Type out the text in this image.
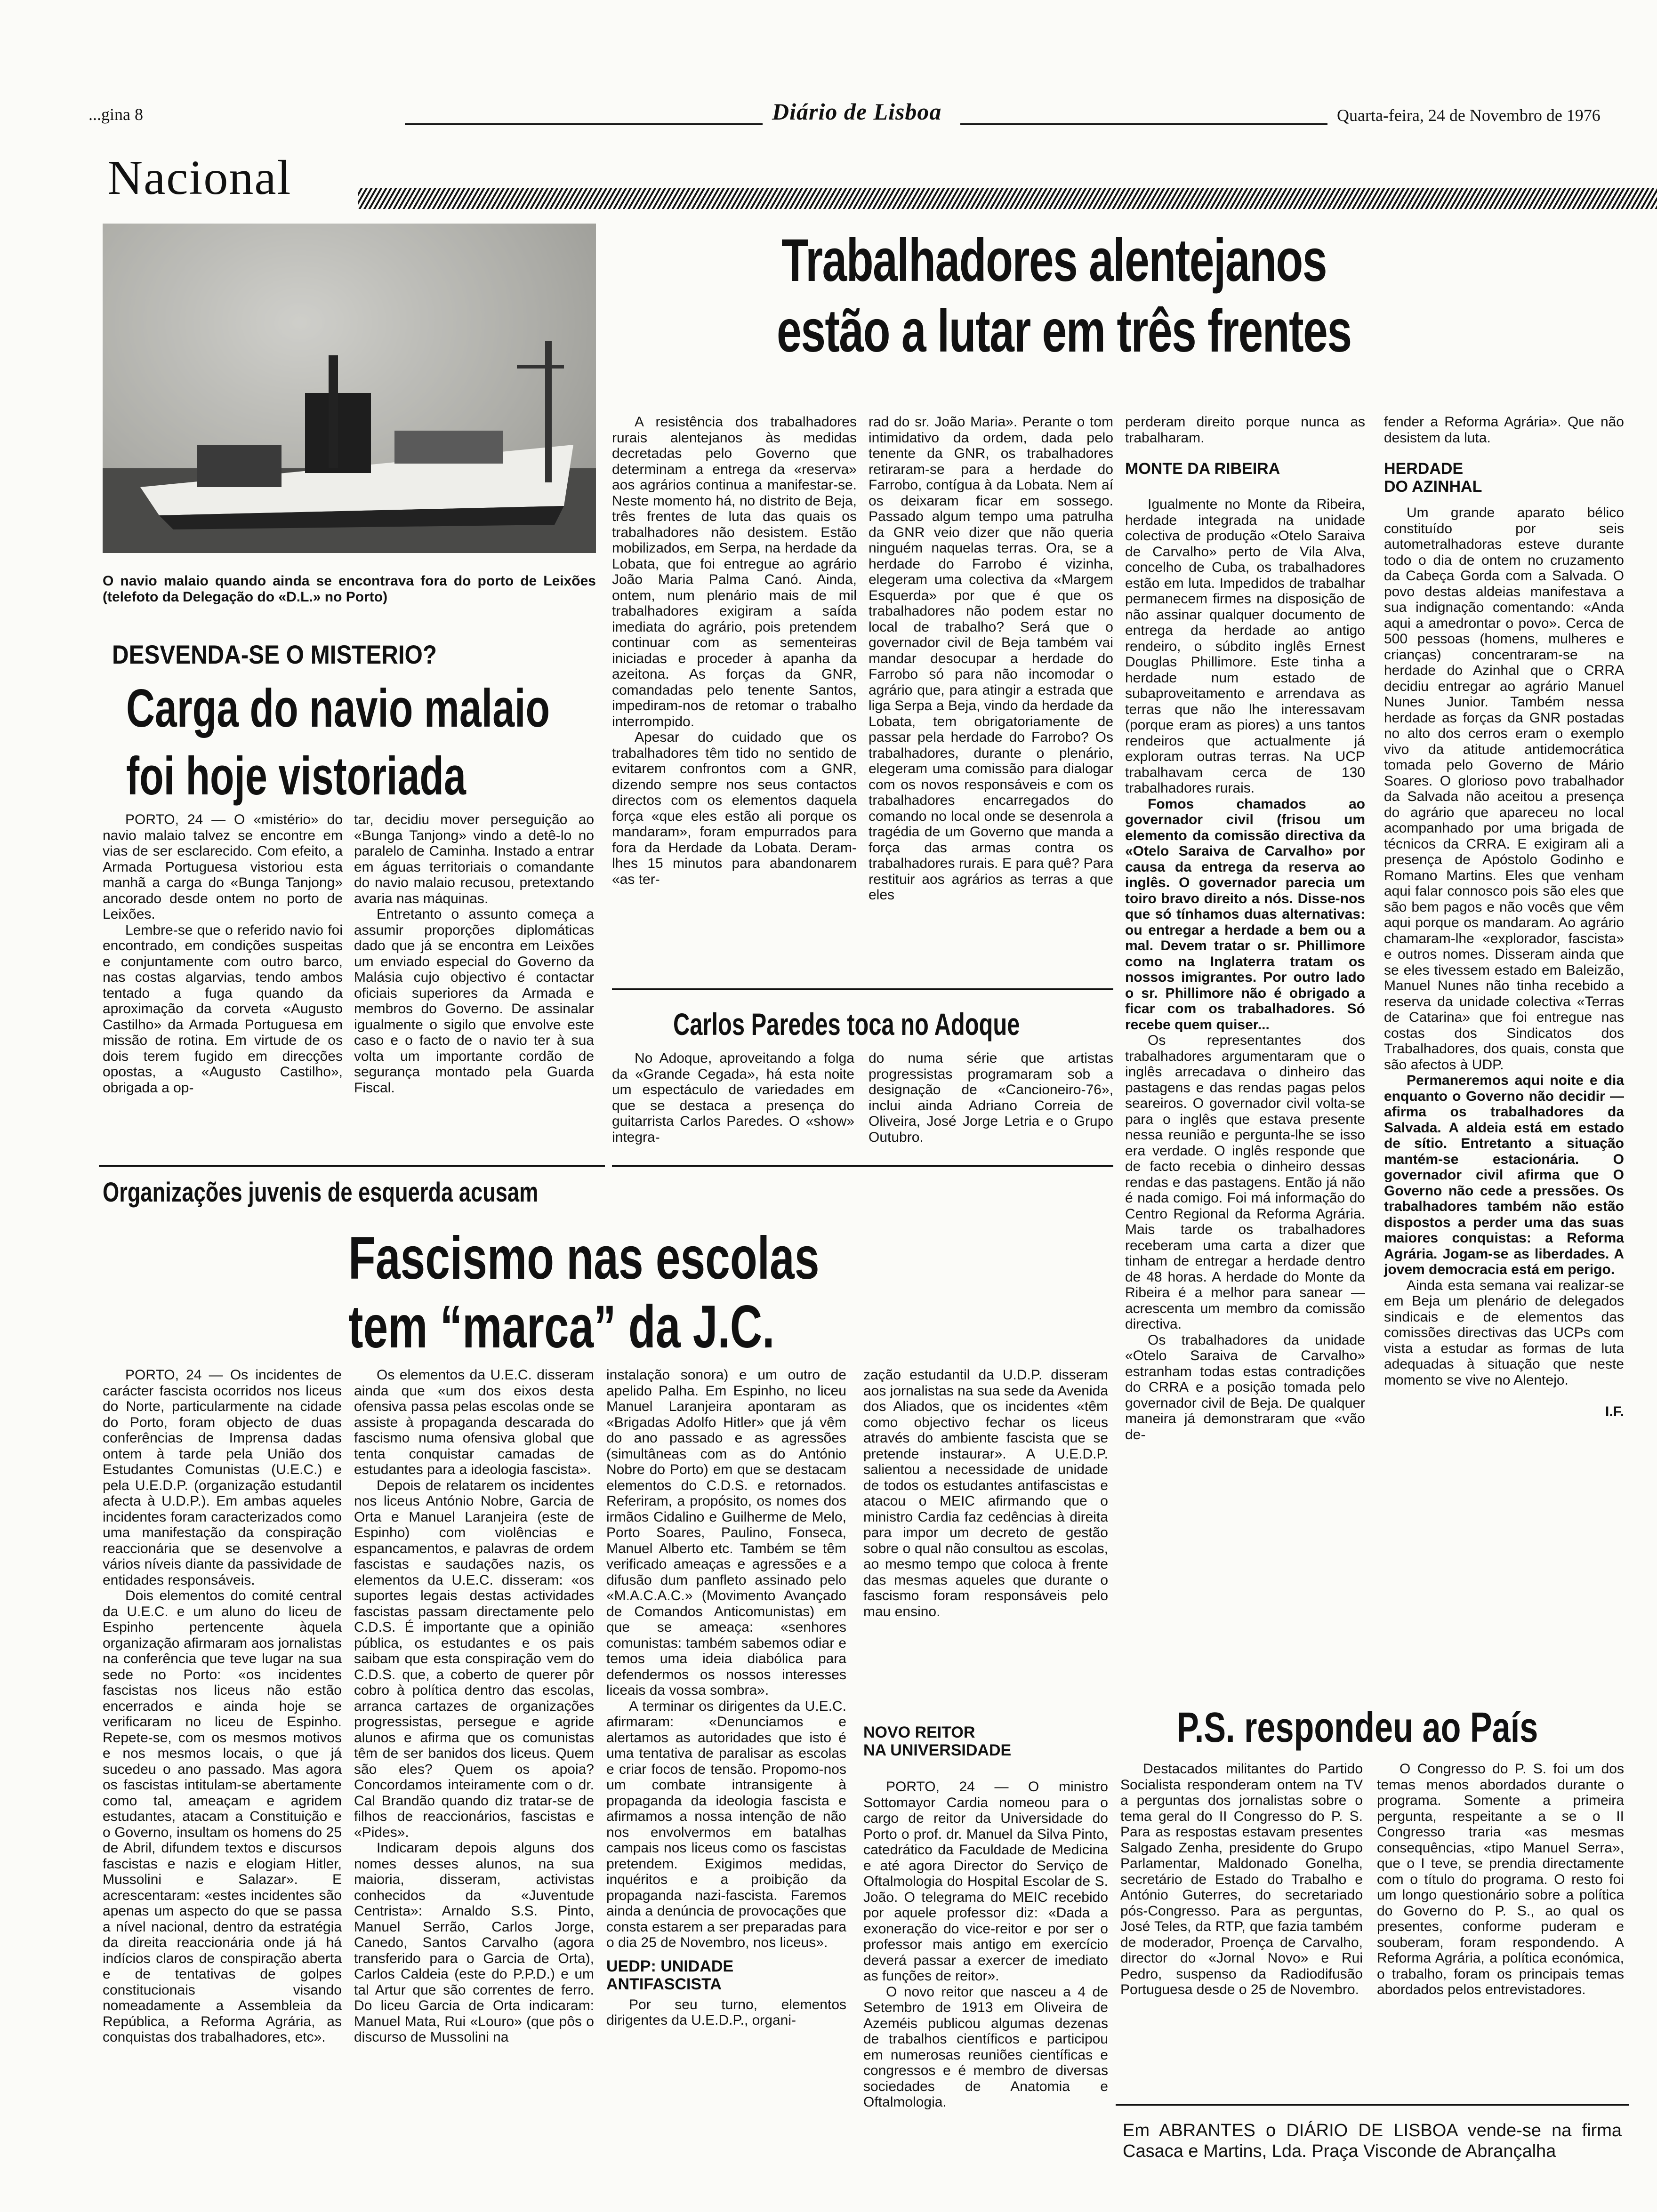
...gina 8	Diário de Lisboa	Quarta-feira, 24 de Novembro de 1976
Nacional
O navio malaio quando ainda se encontrava fora do porto de Leixões (telefoto da Delegação do «D.L.» no Porto)
Trabalhadores alentejanos
estão a lutar em três frentes

A resistência dos trabalhadores rurais alentejanos às medidas decretadas pelo Governo que determinam a entrega da «reserva» aos agrários continua a manifestar-se. Neste momento há, no distrito de Beja, três frentes de luta das quais os trabalhadores não desistem. Estão mobilizados, em Serpa, na herdade da Lobata, que foi entregue ao agrário João Maria Palma Canó. Ainda, ontem, num plenário mais de mil trabalhadores exigiram a saída imediata do agrário, pois pretendem continuar com as sementeiras iniciadas e proceder à apanha da azeitona. As forças da GNR, comandadas pelo tenente Santos, impediram-nos de retomar o trabalho interrompido.

Apesar do cuidado que os trabalhadores têm tido no sentido de evitarem confrontos com a GNR, dizendo sempre nos seus contactos directos com os elementos daquela força «que eles estão ali porque os mandaram», foram empurrados para fora da Herdade da Lobata. Deram-lhes 15 minutos para abandonarem «as ter-

rad do sr. João Maria». Perante o tom intimidativo da ordem, dada pelo tenente da GNR, os trabalhadores retiraram-se para a herdade do Farrobo, contígua à da Lobata. Nem aí os deixaram ficar em sossego. Passado algum tempo uma patrulha da GNR veio dizer que não queria ninguém naquelas terras. Ora, se a herdade do Farrobo é vizinha, elegeram uma colectiva da «Margem Esquerda» por que é que os trabalhadores não podem estar no local de trabalho? Será que o governador civil de Beja também vai mandar desocupar a herdade do Farrobo só para não incomodar o agrário que, para atingir a estrada que liga Serpa a Beja, vindo da herdade da Lobata, tem obrigatoriamente de passar pela herdade do Farrobo? Os trabalhadores, durante o plenário, elegeram uma comissão para dialogar com os novos responsáveis e com os trabalhadores encarregados do comando no local onde se desenrola a tragédia de um Governo que manda a força das armas contra os trabalhadores rurais. E para quê? Para restituir aos agrários as terras a que eles

perderam direito porque nunca as trabalharam.

MONTE DA RIBEIRA

Igualmente no Monte da Ribeira, herdade integrada na unidade colectiva de produção «Otelo Saraiva de Carvalho» perto de Vila Alva, concelho de Cuba, os trabalhadores estão em luta. Impedidos de trabalhar permanecem firmes na disposição de não assinar qualquer documento de entrega da herdade ao antigo rendeiro, o súbdito inglês Ernest Douglas Phillimore. Este tinha a herdade num estado de subaproveitamento e arrendava as terras que não lhe interessavam (porque eram as piores) a uns tantos rendeiros que actualmente já exploram outras terras. Na UCP trabalhavam cerca de 130 trabalhadores rurais.

Fomos chamados ao governador civil (frisou um elemento da comissão directiva da «Otelo Saraiva de Carvalho» por causa da entrega da reserva ao inglês. O governador parecia um toiro bravo direito a nós. Disse-nos que só tínhamos duas alternativas: ou entregar a herdade a bem ou a mal. Devem tratar o sr. Phillimore como na Inglaterra tratam os nossos imigrantes. Por outro lado o sr. Phillimore não é obrigado a ficar com os trabalhadores. Só recebe quem quiser...

Os representantes dos trabalhadores argumentaram que o inglês arrecadava o dinheiro das pastagens e das rendas pagas pelos seareiros. O governador civil volta-se para o inglês que estava presente nessa reunião e pergunta-lhe se isso era verdade. O inglês responde que de facto recebia o dinheiro dessas rendas e das pastagens. Então já não é nada comigo. Foi má informação do Centro Regional da Reforma Agrária. Mais tarde os trabalhadores receberam uma carta a dizer que tinham de entregar a herdade dentro de 48 horas. A herdade do Monte da Ribeira é a melhor para sanear — acrescenta um membro da comissão directiva.

Os trabalhadores da unidade «Otelo Saraiva de Carvalho» estranham todas estas contradições do CRRA e a posição tomada pelo governador civil de Beja. De qualquer maneira já demonstraram que «vão de-

fender a Reforma Agrária». Que não desistem da luta.

HERDADE
DO AZINHAL

Um grande aparato bélico constituído por seis autometralhadoras esteve durante todo o dia de ontem no cruzamento da Cabeça Gorda com a Salvada. O povo destas aldeias manifestava a sua indignação comentando: «Anda aqui a amedrontar o povo». Cerca de 500 pessoas (homens, mulheres e crianças) concentraram-se na herdade do Azinhal que o CRRA decidiu entregar ao agrário Manuel Nunes Junior. Também nessa herdade as forças da GNR postadas no alto dos cerros eram o exemplo vivo da atitude antidemocrática tomada pelo Governo de Mário Soares. O glorioso povo trabalhador da Salvada não aceitou a presença do agrário que apareceu no local acompanhado por uma brigada de técnicos da CRRA. E exigiram ali a presença de Apóstolo Godinho e Romano Martins. Eles que venham aqui falar connosco pois são eles que são bem pagos e não vocês que vêm aqui porque os mandaram. Ao agrário chamaram-lhe «explorador, fascista» e outros nomes. Disseram ainda que se eles tivessem estado em Baleizão, Manuel Nunes não tinha recebido a reserva da unidade colectiva «Terras de Catarina» que foi entregue nas costas dos Sindicatos dos Trabalhadores, dos quais, consta que são afectos à UDP.

Permaneremos aqui noite e dia enquanto o Governo não decidir — afirma os trabalhadores da Salvada. A aldeia está em estado de sítio. Entretanto a situação mantém-se estacionária. O governador civil afirma que O Governo não cede a pressões. Os trabalhadores também não estão dispostos a perder uma das suas maiores conquistas: a Reforma Agrária. Jogam-se as liberdades. A jovem democracia está em perigo.

Ainda esta semana vai realizar-se em Beja um plenário de delegados sindicais e de elementos das comissões directivas das UCPs com vista a estudar as formas de luta adequadas à situação que neste momento se vive no Alentejo.

I.F.
DESVENDA-SE O MISTERIO?
Carga do navio malaio
foi hoje vistoriada

PORTO, 24 — O «mistério» do navio malaio talvez se encontre em vias de ser esclarecido. Com efeito, a Armada Portuguesa vistoriou esta manhã a carga do «Bunga Tanjong» ancorado desde ontem no porto de Leixões.

Lembre-se que o referido navio foi encontrado, em condições suspeitas e conjuntamente com outro barco, nas costas algarvias, tendo ambos tentado a fuga quando da aproximação da corveta «Augusto Castilho» da Armada Portuguesa em missão de rotina. Em virtude de os dois terem fugido em direcções opostas, a «Augusto Castilho», obrigada a op-

tar, decidiu mover perseguição ao «Bunga Tanjong» vindo a detê-lo no paralelo de Caminha. Instado a entrar em águas territoriais o comandante do navio malaio recusou, pretextando avaria nas máquinas.

Entretanto o assunto começa a assumir proporções diplomáticas dado que já se encontra em Leixões um enviado especial do Governo da Malásia cujo objectivo é contactar oficiais superiores da Armada e membros do Governo. De assinalar igualmente o sigilo que envolve este caso e o facto de o navio ter à sua volta um importante cordão de segurança montado pela Guarda Fiscal.

Carlos Paredes toca no Adoque

No Adoque, aproveitando a folga da «Grande Cegada», há esta noite um espectáculo de variedades em que se destaca a presença do guitarrista Carlos Paredes. O «show» integra-

do numa série que artistas progressistas programaram sob a designação de «Cancioneiro-76», inclui ainda Adriano Correia de Oliveira, José Jorge Letria e o Grupo Outubro.

Organizações juvenis de esquerda acusam
Fascismo nas escolas
tem “marca” da J.C.

PORTO, 24 — Os incidentes de carácter fascista ocorridos nos liceus do Norte, particularmente na cidade do Porto, foram objecto de duas conferências de Imprensa dadas ontem à tarde pela União dos Estudantes Comunistas (U.E.C.) e pela U.E.D.P. (organização estudantil afecta à U.D.P.). Em ambas aqueles incidentes foram caracterizados como uma manifestação da conspiração reaccionária que se desenvolve a vários níveis diante da passividade de entidades responsáveis.

Dois elementos do comité central da U.E.C. e um aluno do liceu de Espinho pertencente àquela organização afirmaram aos jornalistas na conferência que teve lugar na sua sede no Porto: «os incidentes fascistas nos liceus não estão encerrados e ainda hoje se verificaram no liceu de Espinho. Repete-se, com os mesmos motivos e nos mesmos locais, o que já sucedeu o ano passado. Mas agora os fascistas intitulam-se abertamente como tal, ameaçam e agridem estudantes, atacam a Constituição e o Governo, insultam os homens do 25 de Abril, difundem textos e discursos fascistas e nazis e elogiam Hitler, Mussolini e Salazar». E acrescentaram: «estes incidentes são apenas um aspecto do que se passa a nível nacional, dentro da estratégia da direita reaccionária onde já há indícios claros de conspiração aberta e de tentativas de golpes constitucionais visando nomeadamente a Assembleia da República, a Reforma Agrária, as conquistas dos trabalhadores, etc».

Os elementos da U.E.C. disseram ainda que «um dos eixos desta ofensiva passa pelas escolas onde se assiste à propaganda descarada do fascismo numa ofensiva global que tenta conquistar camadas de estudantes para a ideologia fascista».

Depois de relatarem os incidentes nos liceus António Nobre, Garcia de Orta e Manuel Laranjeira (este de Espinho) com violências e espancamentos, e palavras de ordem fascistas e saudações nazis, os elementos da U.E.C. disseram: «os suportes legais destas actividades fascistas passam directamente pelo C.D.S. É importante que a opinião pública, os estudantes e os pais saibam que esta conspiração vem do C.D.S. que, a coberto de querer pôr cobro à política dentro das escolas, arranca cartazes de organizações progressistas, persegue e agride alunos e afirma que os comunistas têm de ser banidos dos liceus. Quem são eles? Quem os apoia? Concordamos inteiramente com o dr. Cal Brandão quando diz tratar-se de filhos de reaccionários, fascistas e «Pides».

Indicaram depois alguns dos nomes desses alunos, na sua maioria, disseram, activistas conhecidos da «Juventude Centrista»: Arnaldo S.S. Pinto, Manuel Serrão, Carlos Jorge, Canedo, Santos Carvalho (agora transferido para o Garcia de Orta), Carlos Caldeia (este do P.P.D.) e um tal Artur que são correntes de ferro. Do liceu Garcia de Orta indicaram: Manuel Mata, Rui «Louro» (que pôs o discurso de Mussolini na

instalação sonora) e um outro de apelido Palha. Em Espinho, no liceu Manuel Laranjeira apontaram as «Brigadas Adolfo Hitler» que já vêm do ano passado e as agressões (simultâneas com as do António Nobre do Porto) em que se destacam elementos do C.D.S. e retornados. Referiram, a propósito, os nomes dos irmãos Cidalino e Guilherme de Melo, Porto Soares, Paulino, Fonseca, Manuel Alberto etc. Também se têm verificado ameaças e agressões e a difusão dum panfleto assinado pelo «M.A.C.A.C.» (Movimento Avançado de Comandos Anticomunistas) em que se ameaça: «senhores comunistas: também sabemos odiar e temos uma ideia diabólica para defendermos os nossos interesses liceais da vossa sombra».

A terminar os dirigentes da U.E.C. afirmaram: «Denunciamos e alertamos as autoridades que isto é uma tentativa de paralisar as escolas e criar focos de tensão. Propomo-nos um combate intransigente à propaganda da ideologia fascista e afirmamos a nossa intenção de não nos envolvermos em batalhas campais nos liceus como os fascistas pretendem. Exigimos medidas, inquéritos e a proibição da propaganda nazi-fascista. Faremos ainda a denúncia de provocações que consta estarem a ser preparadas para o dia 25 de Novembro, nos liceus».

UEDP: UNIDADE
ANTIFASCISTA

Por seu turno, elementos dirigentes da U.E.D.P., organi-

zação estudantil da U.D.P. disseram aos jornalistas na sua sede da Avenida dos Aliados, que os incidentes «têm como objectivo fechar os liceus através do ambiente fascista que se pretende instaurar». A U.E.D.P. salientou a necessidade de unidade de todos os estudantes antifascistas e atacou o MEIC afirmando que o ministro Cardia faz cedências à direita para impor um decreto de gestão sobre o qual não consultou as escolas, ao mesmo tempo que coloca à frente das mesmas aqueles que durante o fascismo foram responsáveis pelo mau ensino.

NOVO REITOR
NA UNIVERSIDADE

PORTO, 24 — O ministro Sottomayor Cardia nomeou para o cargo de reitor da Universidade do Porto o prof. dr. Manuel da Silva Pinto, catedrático da Faculdade de Medicina e até agora Director do Serviço de Oftalmologia do Hospital Escolar de S. João. O telegrama do MEIC recebido por aquele professor diz: «Dada a exoneração do vice-reitor e por ser o professor mais antigo em exercício deverá passar a exercer de imediato as funções de reitor».

O novo reitor que nasceu a 4 de Setembro de 1913 em Oliveira de Azeméis publicou algumas dezenas de trabalhos científicos e participou em numerosas reuniões científicas e congressos e é membro de diversas sociedades de Anatomia e Oftalmologia.

P.S. respondeu ao País

Destacados militantes do Partido Socialista responderam ontem na TV a perguntas dos jornalistas sobre o tema geral do II Congresso do P. S. Para as respostas estavam presentes Salgado Zenha, presidente do Grupo Parlamentar, Maldonado Gonelha, secretário de Estado do Trabalho e António Guterres, do secretariado pós-Congresso. Para as perguntas, José Teles, da RTP, que fazia também de moderador, Proença de Carvalho, director do «Jornal Novo» e Rui Pedro, suspenso da Radiodifusão Portuguesa desde o 25 de Novembro.

O Congresso do P. S. foi um dos temas menos abordados durante o programa. Somente a primeira pergunta, respeitante a se o II Congresso traria «as mesmas consequências, «tipo Manuel Serra», que o I teve, se prendia directamente com o título do programa. O resto foi um longo questionário sobre a política do Governo do P. S., ao qual os presentes, conforme puderam e souberam, foram respondendo. A Reforma Agrária, a política económica, o trabalho, foram os principais temas abordados pelos entrevistadores.

Em ABRANTES o DIÁRIO DE LISBOA vende-se na firma Casaca e Martins, Lda. Praça Visconde de Abrançalha
